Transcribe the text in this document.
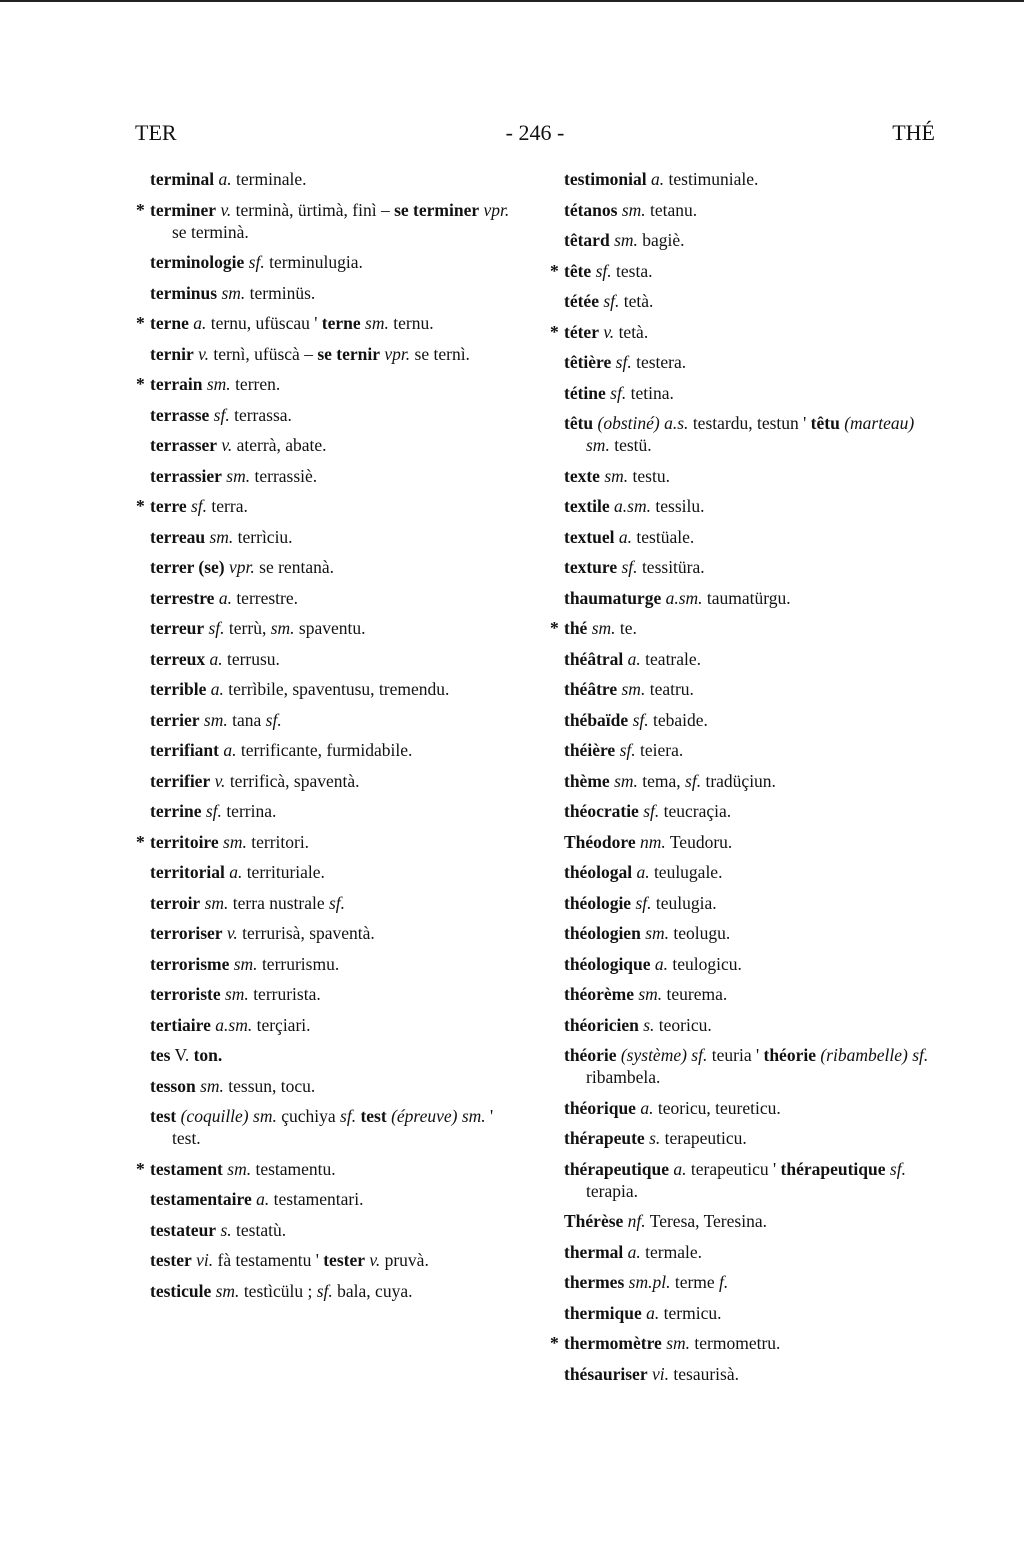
TER	- 246 -	THÉ
terminal a. terminale.
* terminer v. terminà, ürtimà, finì – se terminer vpr. se terminà.
terminologie sf. terminulugia.
terminus sm. terminüs.
* terne a. ternu, ufüscau ' terne sm. ternu.
ternir v. ternì, ufüscà – se ternir vpr. se ternì.
* terrain sm. terren.
terrasse sf. terrassa.
terrasser v. aterrà, abate.
terrassier sm. terrassiè.
* terre sf. terra.
terreau sm. terrìciu.
terrer (se) vpr. se rentanà.
terrestre a. terrestre.
terreur sf. terrù, sm. spaventu.
terreux a. terrusu.
terrible a. terrìbile, spaventusu, tremendu.
terrier sm. tana sf.
terrifiant a. terrificante, furmidabile.
terrifier v. terrificà, spaventà.
terrine sf. terrina.
* territoire sm. territori.
territorial a. territuriale.
terroir sm. terra nustrale sf.
terroriser v. terrurisà, spaventà.
terrorisme sm. terrurismu.
terroriste sm. terrurista.
tertiaire a.sm. terçiari.
tes V. ton.
tesson sm. tessun, tocu.
test (coquille) sm. çuchiya sf. test (épreuve) sm. ' test.
* testament sm. testamentu.
testamentaire a. testamentari.
testateur s. testatù.
tester vi. fà testamentu ' tester v. pruvà.
testicule sm. testìcülu ; sf. bala, cuya.
testimonial a. testimuniale.
tétanos sm. tetanu.
têtard sm. bagiè.
* tête sf. testa.
tétée sf. tetà.
* téter v. tetà.
têtière sf. testera.
tétine sf. tetina.
têtu (obstiné) a.s. testardu, testun ' têtu (marteau) sm. testü.
texte sm. testu.
textile a.sm. tessilu.
textuel a. testüale.
texture sf. tessitüra.
thaumaturge a.sm. taumatürgu.
* thé sm. te.
théâtral a. teatrale.
théâtre sm. teatru.
thébaïde sf. tebaide.
théière sf. teiera.
thème sm. tema, sf. tradüçiun.
théocratie sf. teucraçia.
Théodore nm. Teudoru.
théologal a. teulugale.
théologie sf. teulugia.
théologien sm. teolugu.
théologique a. teulogicu.
théorème sm. teurema.
théoricien s. teoricu.
théorie (système) sf. teuria ' théorie (ribambelle) sf. ribambela.
théorique a. teoricu, teureticu.
thérapeute s. terapeuticu.
thérapeutique a. terapeuticu ' thérapeutique sf. terapia.
Thérèse nf. Teresa, Teresina.
thermal a. termale.
thermes sm.pl. terme f.
thermique a. termicu.
* thermomètre sm. termometru.
thésauriser vi. tesaurisà.
